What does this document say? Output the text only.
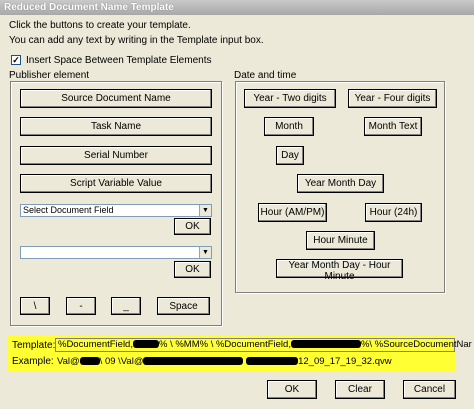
Reduced Document Name Template
Click the buttons to create your template.
You can add any text by writing in the Template input box.
✓ Insert Space Between Template Elements
Publisher element
Source Document Name
Task Name
Serial Number
Script Variable Value
Select Document Field	▼
OK
▼
OK
\	-	_	Space
Date and time
Year - Two digits	Year - Four digits
Month	Month Text
Day
Year Month Day
Hour (AM/PM)	Hour (24h)
Hour Minute
Year Month Day - Hour Minute
Template: %DocumentField,	% \ %MM% \ %DocumentField,	%\ %SourceDocumentNar
Example: Val@ \ 09 \Val@	12_09_17_19_32.qvw
OK	Clear	Cancel
